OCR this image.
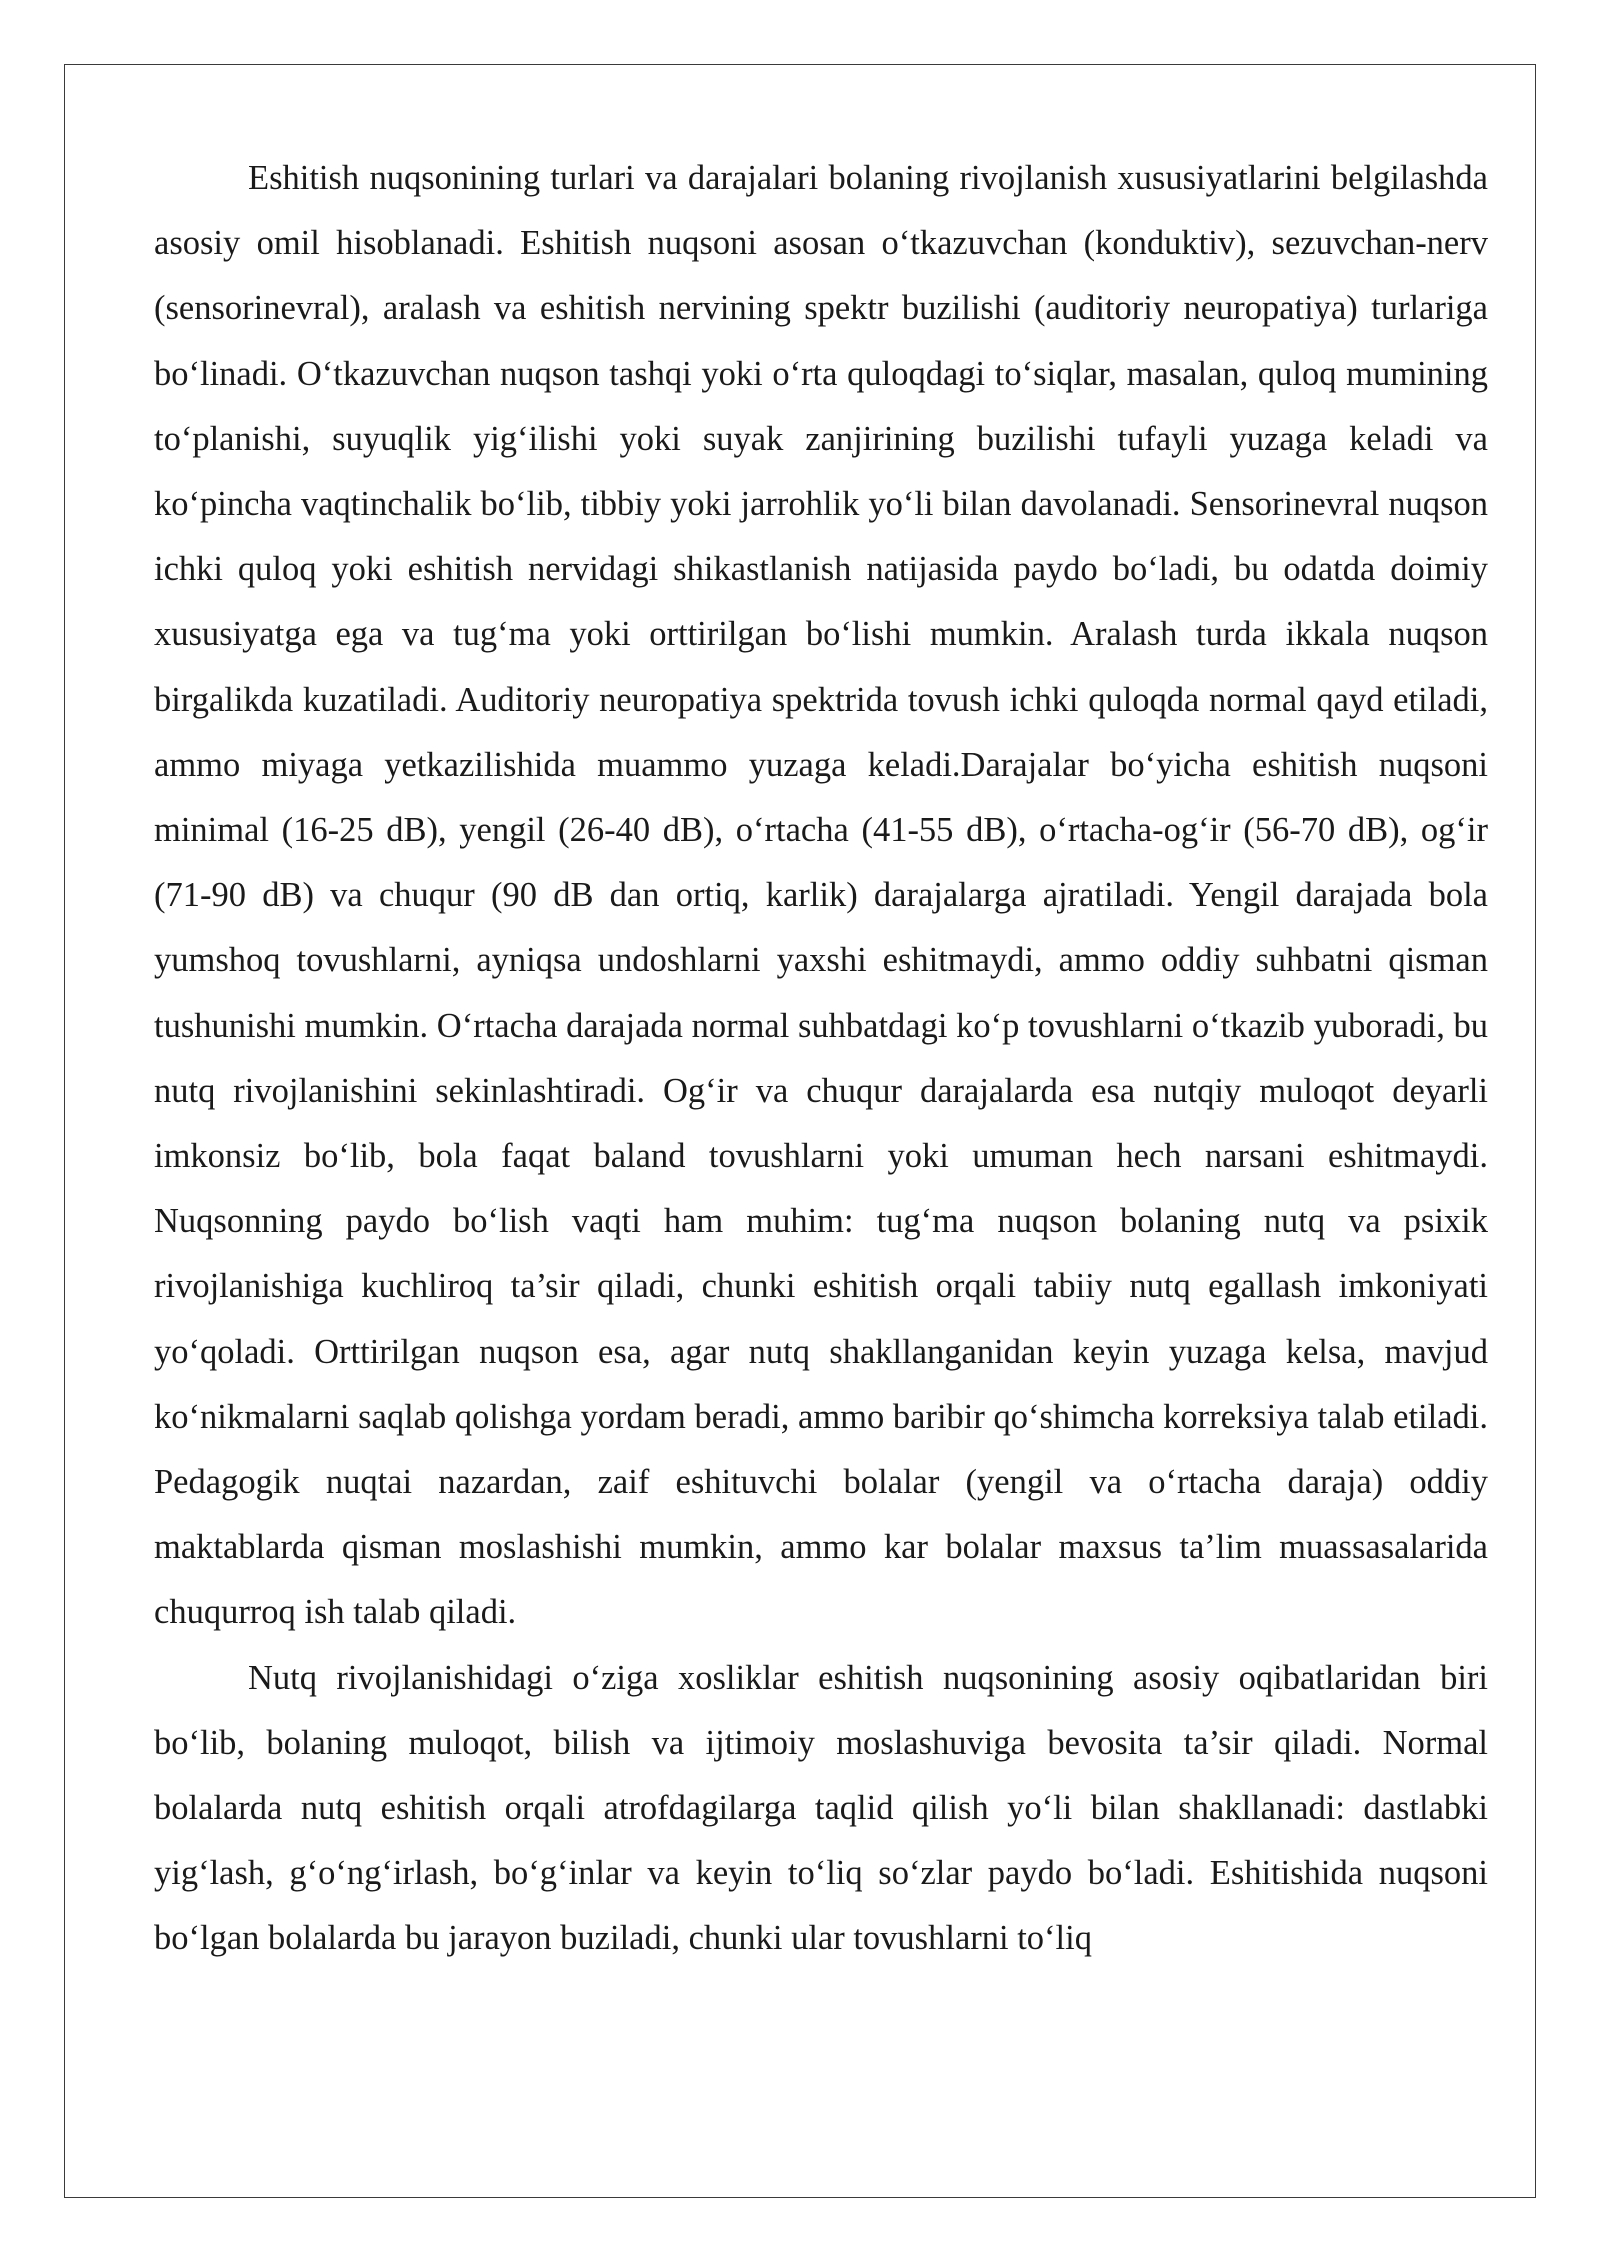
Eshitish nuqsonining turlari va darajalari bolaning rivojlanish xususiyatlarini belgilashda asosiy omil hisoblanadi. Eshitish nuqsoni asosan o‘tkazuvchan (konduktiv), sezuvchan-nerv (sensorinevral), aralash va eshitish nervining spektr buzilishi (auditoriy neuropatiya) turlariga bo‘linadi. O‘tkazuvchan nuqson tashqi yoki o‘rta quloqdagi to‘siqlar, masalan, quloq mumining to‘planishi, suyuqlik yig‘ilishi yoki suyak zanjirining buzilishi tufayli yuzaga keladi va ko‘pincha vaqtinchalik bo‘lib, tibbiy yoki jarrohlik yo‘li bilan davolanadi. Sensorinevral nuqson ichki quloq yoki eshitish nervidagi shikastlanish natijasida paydo bo‘ladi, bu odatda doimiy xususiyatga ega va tug‘ma yoki orttirilgan bo‘lishi mumkin. Aralash turda ikkala nuqson birgalikda kuzatiladi. Auditoriy neuropatiya spektrida tovush ichki quloqda normal qayd etiladi, ammo miyaga yetkazilishida muammo yuzaga keladi.Darajalar bo‘yicha eshitish nuqsoni minimal (16-25 dB), yengil (26-40 dB), o‘rtacha (41-55 dB), o‘rtacha-og‘ir (56-70 dB), og‘ir (71-90 dB) va chuqur (90 dB dan ortiq, karlik) darajalarga ajratiladi. Yengil darajada bola yumshoq tovushlarni, ayniqsa undoshlarni yaxshi eshitmaydi, ammo oddiy suhbatni qisman tushunishi mumkin. O‘rtacha darajada normal suhbatdagi ko‘p tovushlarni o‘tkazib yuboradi, bu nutq rivojlanishini sekinlashtiradi. Og‘ir va chuqur darajalarda esa nutqiy muloqot deyarli imkonsiz bo‘lib, bola faqat baland tovushlarni yoki umuman hech narsani eshitmaydi. Nuqsonning paydo bo‘lish vaqti ham muhim: tug‘ma nuqson bolaning nutq va psixik rivojlanishiga kuchliroq ta’sir qiladi, chunki eshitish orqali tabiiy nutq egallash imkoniyati yo‘qoladi. Orttirilgan nuqson esa, agar nutq shakllanganidan keyin yuzaga kelsa, mavjud ko‘nikmalarni saqlab qolishga yordam beradi, ammo baribir qo‘shimcha korreksiya talab etiladi. Pedagogik nuqtai nazardan, zaif eshituvchi bolalar (yengil va o‘rtacha daraja) oddiy maktablarda qisman moslashishi mumkin, ammo kar bolalar maxsus ta’lim muassasalarida chuqurroq ish talab qiladi.

Nutq rivojlanishidagi o‘ziga xosliklar eshitish nuqsonining asosiy oqibatlaridan biri bo‘lib, bolaning muloqot, bilish va ijtimoiy moslashuviga bevosita ta’sir qiladi. Normal bolalarda nutq eshitish orqali atrofdagilarga taqlid qilish yo‘li bilan shakllanadi: dastlabki yig‘lash, g‘o‘ng‘irlash, bo‘g‘inlar va keyin to‘liq so‘zlar paydo bo‘ladi. Eshitishida nuqsoni bo‘lgan bolalarda bu jarayon buziladi, chunki ular tovushlarni to‘liq
